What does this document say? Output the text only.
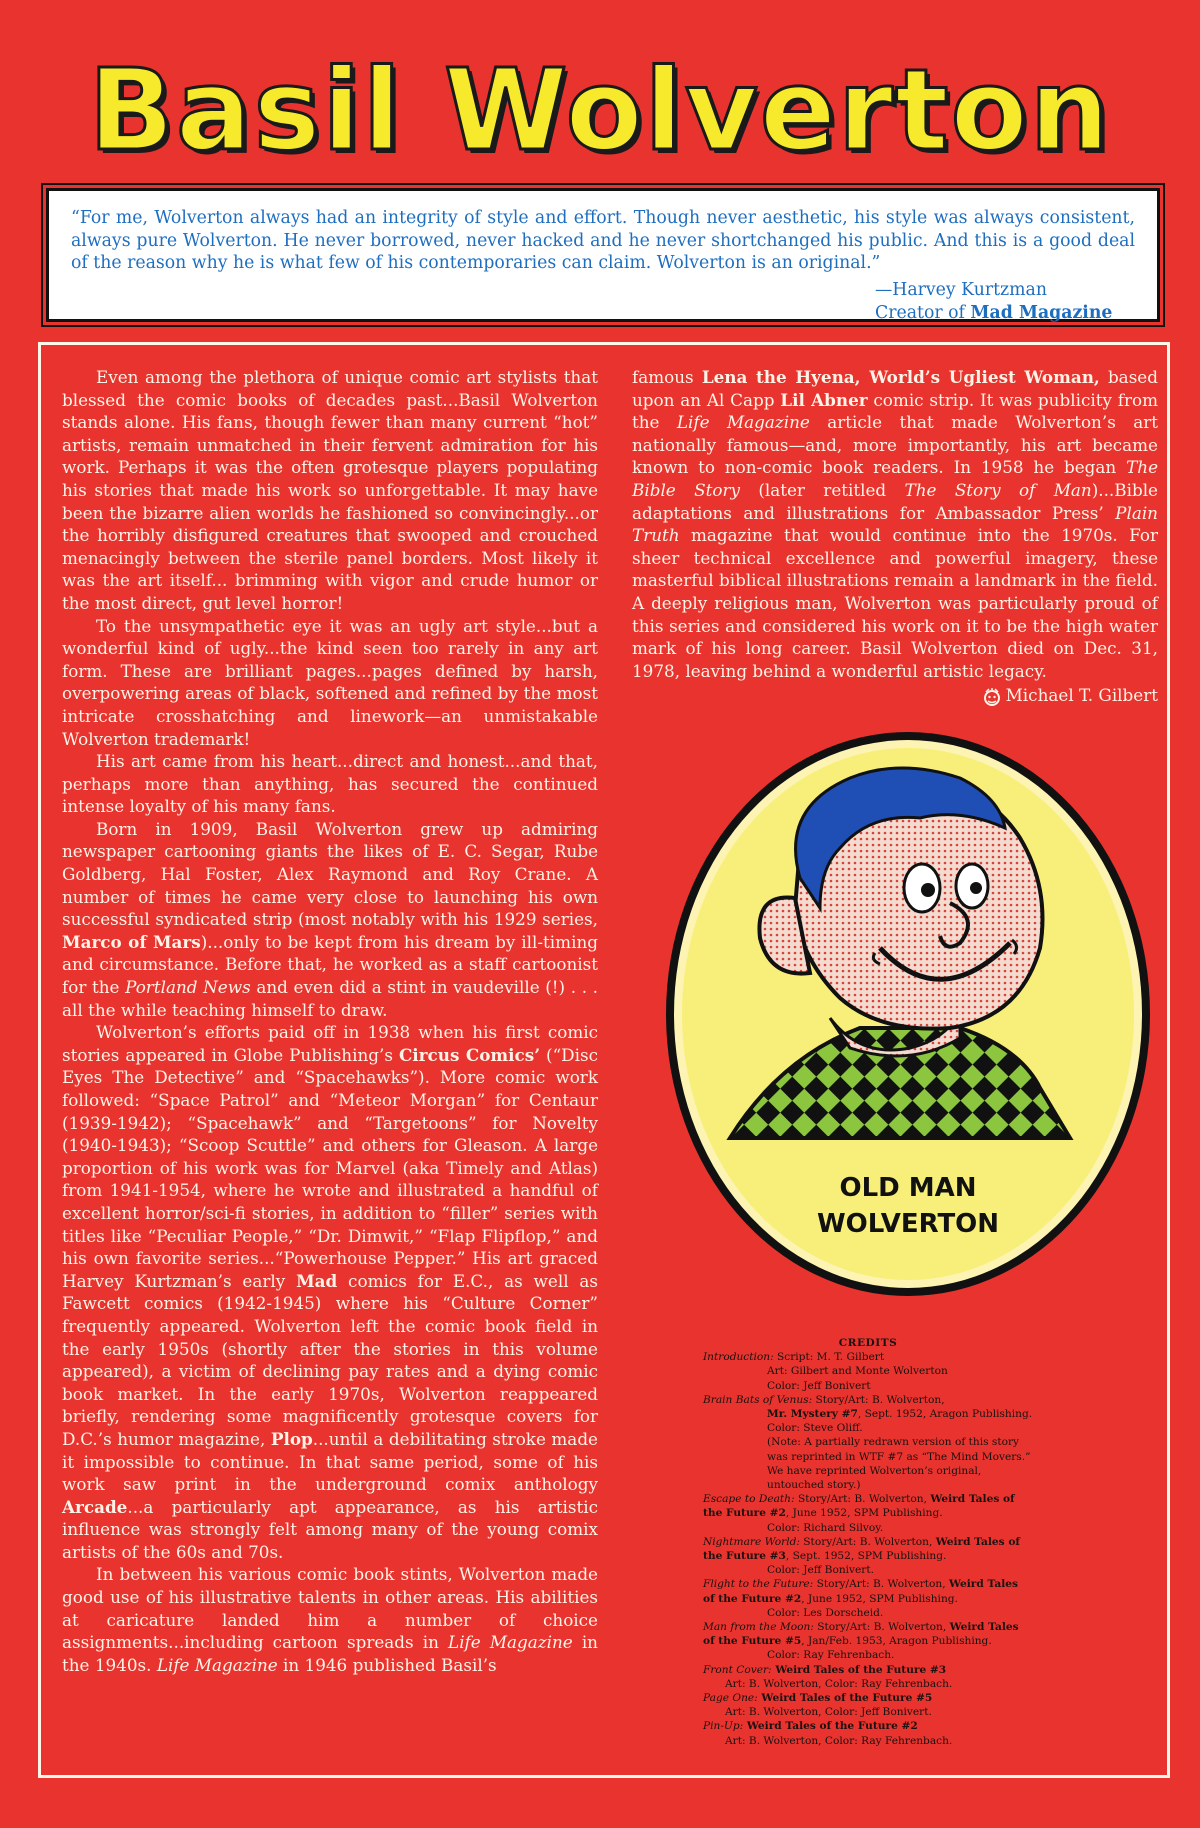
Basil Wolverton
“For me, Wolverton always had an integrity of style and effort. Though never aesthetic, his style was always consistent, always pure Wolverton. He never borrowed, never hacked and he never shortchanged his public. And this is a good deal of the reason why he is what few of his contemporaries can claim. Wolverton is an original.”
—Harvey Kurtzman
Creator of Mad Magazine

Even among the plethora of unique comic art stylists that blessed the comic books of decades past...Basil Wolverton stands alone. His fans, though fewer than many current “hot” artists, remain unmatched in their fervent admiration for his work. Perhaps it was the often grotesque players populating his stories that made his work so unforgettable. It may have been the bizarre alien worlds he fashioned so convincingly...or the horribly disfigured creatures that swooped and crouched menacingly between the sterile panel borders. Most likely it was the art itself... brimming with vigor and crude humor or the most direct, gut level horror!

To the unsympathetic eye it was an ugly art style...but a wonderful kind of ugly...the kind seen too rarely in any art form. These are brilliant pages...pages defined by harsh, overpowering areas of black, softened and refined by the most intricate crosshatching and linework—an unmistakable Wolverton trademark!

His art came from his heart...direct and honest...and that, perhaps more than anything, has secured the continued intense loyalty of his many fans.

Born in 1909, Basil Wolverton grew up admiring newspaper cartooning giants the likes of E. C. Segar, Rube Goldberg, Hal Foster, Alex Raymond and Roy Crane. A number of times he came very close to launching his own successful syndicated strip (most notably with his 1929 series, Marco of Mars)...only to be kept from his dream by ill-timing and circumstance. Before that, he worked as a staff cartoonist for the Portland News and even did a stint in vaudeville (!) . . . all the while teaching himself to draw.

Wolverton’s efforts paid off in 1938 when his first comic stories appeared in Globe Publishing’s Circus Comics’ (“Disc Eyes The Detective” and “Spacehawks”). More comic work followed: “Space Patrol” and “Meteor Morgan” for Centaur (1939-1942); “Spacehawk” and “Targetoons” for Novelty (1940-1943); “Scoop Scuttle” and others for Gleason. A large proportion of his work was for Marvel (aka Timely and Atlas) from 1941-1954, where he wrote and illustrated a handful of excellent horror/sci-fi stories, in addition to “filler” series with titles like “Peculiar People,” “Dr. Dimwit,” “Flap Flipflop,” and his own favorite series...“Powerhouse Pepper.” His art graced Harvey Kurtzman’s early Mad comics for E.C., as well as Fawcett comics (1942-1945) where his “Culture Corner” frequently appeared. Wolverton left the comic book field in the early 1950s (shortly after the stories in this volume appeared), a victim of declining pay rates and a dying comic book market. In the early 1970s, Wolverton reappeared briefly, rendering some magnificently grotesque covers for D.C.’s humor magazine, Plop...until a debilitating stroke made it impossible to continue. In that same period, some of his work saw print in the underground comix anthology Arcade...a particularly apt appearance, as his artistic influence was strongly felt among many of the young comix artists of the 60s and 70s.

In between his various comic book stints, Wolverton made good use of his illustrative talents in other areas. His abilities at caricature landed him a number of choice assignments...including cartoon spreads in Life Magazine in the 1940s. Life Magazine in 1946 published Basil’s

famous Lena the Hyena, World’s Ugliest Woman, based upon an Al Capp Lil Abner comic strip. It was publicity from the Life Magazine article that made Wolverton’s art nationally famous—and, more importantly, his art became known to non-comic book readers. In 1958 he began The Bible Story (later retitled The Story of Man)...Bible adaptations and illustrations for Ambassador Press’ Plain Truth magazine that would continue into the 1970s. For sheer technical excellence and powerful imagery, these masterful biblical illustrations remain a landmark in the field. A deeply religious man, Wolverton was particularly proud of this series and considered his work on it to be the high water mark of his long career. Basil Wolverton died on Dec. 31, 1978, leaving behind a wonderful artistic legacy.

Michael T. Gilbert
OLD MAN
WOLVERTON
CREDITS
Introduction: Script: M. T. Gilbert
Art: Gilbert and Monte Wolverton
Color: Jeff Bonivert
Brain Bats of Venus: Story/Art: B. Wolverton,
Mr. Mystery #7, Sept. 1952, Aragon Publishing.
Color: Steve Oliff.
(Note: A partially redrawn version of this story was reprinted in WTF #7 as “The Mind Movers.” We have reprinted Wolverton’s original, untouched story.)
Escape to Death: Story/Art: B. Wolverton, Weird Tales of the Future #2, June 1952, SPM Publishing.
Color: Richard Silvoy.
Nightmare World: Story/Art: B. Wolverton, Weird Tales of the Future #3, Sept. 1952, SPM Publishing.
Color: Jeff Bonivert.
Flight to the Future: Story/Art: B. Wolverton, Weird Tales of the Future #2, June 1952, SPM Publishing.
Color: Les Dorscheid.
Man from the Moon: Story/Art: B. Wolverton, Weird Tales of the Future #5, Jan/Feb. 1953, Aragon Publishing.
Color: Ray Fehrenbach.
Front Cover: Weird Tales of the Future #3
Art: B. Wolverton, Color: Ray Fehrenbach.
Page One: Weird Tales of the Future #5
Art: B. Wolverton, Color: Jeff Bonivert.
Pin-Up: Weird Tales of the Future #2
Art: B. Wolverton, Color: Ray Fehrenbach.
